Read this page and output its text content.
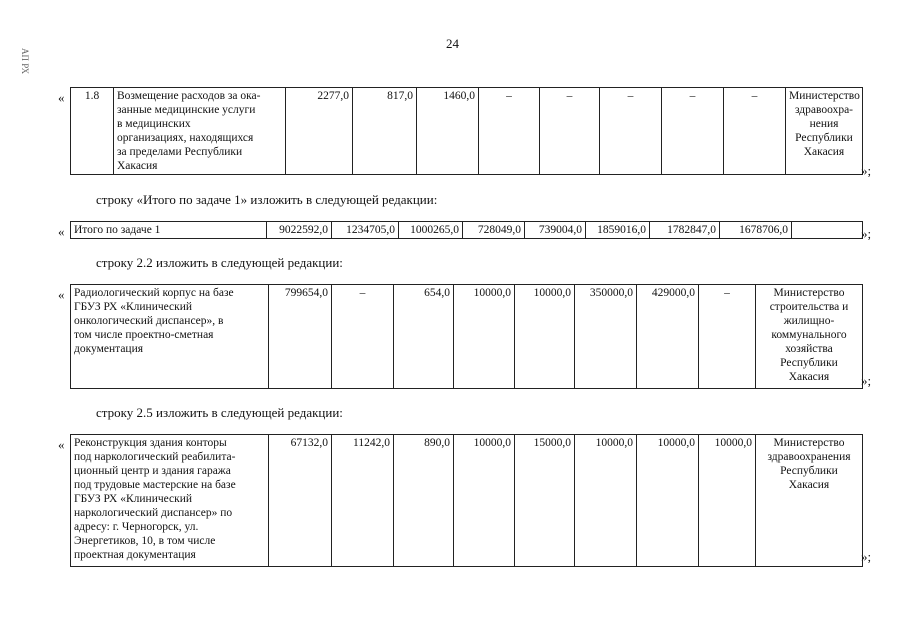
24
АП РХ
« 1.8	Возмещение расходов за ока-
занные медицинские услуги
в медицинских
организациях, находящихся
за пределами Республики
Хакасия	2277,0	817,0	1460,0	–	–	–	–	–	Министерство
здравоохра-
нения
Республики
Хакасия
»;
строку «Итого по задаче 1» изложить в следующей редакции:
« Итого по задаче 1	9022592,0	1234705,0	1000265,0	728049,0	739004,0	1859016,0	1782847,0	1678706,0		»;
строку 2.2 изложить в следующей редакции:
« Радиологический корпус на базе
ГБУЗ РХ «Клинический
онкологический диспансер», в
том числе проектно-сметная
документация	799654,0	–	654,0	10000,0	10000,0	350000,0	429000,0	–	Министерство
строительства и
жилищно-
коммунального
хозяйства
Республики
Хакасия »;
строку 2.5 изложить в следующей редакции:
« Реконструкция здания конторы
под наркологический реабилита-
ционный центр и здания гаража
под трудовые мастерские на базе
ГБУЗ РХ «Клинический
наркологический диспансер» по
адресу: г. Черногорск, ул.
Энергетиков, 10, в том числе
проектная документация	67132,0	11242,0	890,0	10000,0	15000,0	10000,0	10000,0	10000,0	Министерство
здравоохранения
Республики
Хакасия
»;
